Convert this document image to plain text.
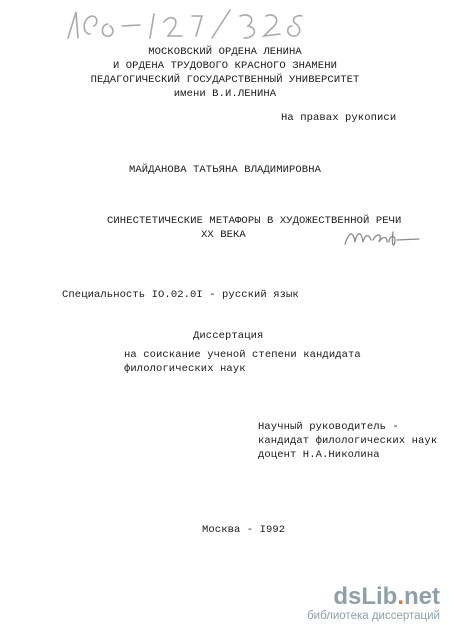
МОСКОВСКИЙ ОРДЕНА ЛЕНИНА
И ОРДЕНА ТРУДОВОГО КРАСНОГО ЗНАМЕНИ
ПЕДАГОГИЧЕСКИЙ ГОСУДАРСТВЕННЫЙ УНИВЕРСИТЕТ
имени В.И.ЛЕНИНА
На правах рукописи
МАЙДАНОВА ТАТЬЯНА ВЛАДИМИРОВНА
СИНЕСТЕТИЧЕСКИЕ МЕТАФОРЫ В ХУДОЖЕСТВЕННОЙ РЕЧИ
XX ВЕКА
Специальность IO.02.0I - русский язык
Диссертация
на соискание ученой степени кандидата
филологических наук
Научный руководитель -
кандидат филологических наук
доцент Н.А.Николина
Москва - I992
dsLib.net
библиотека диссертаций
